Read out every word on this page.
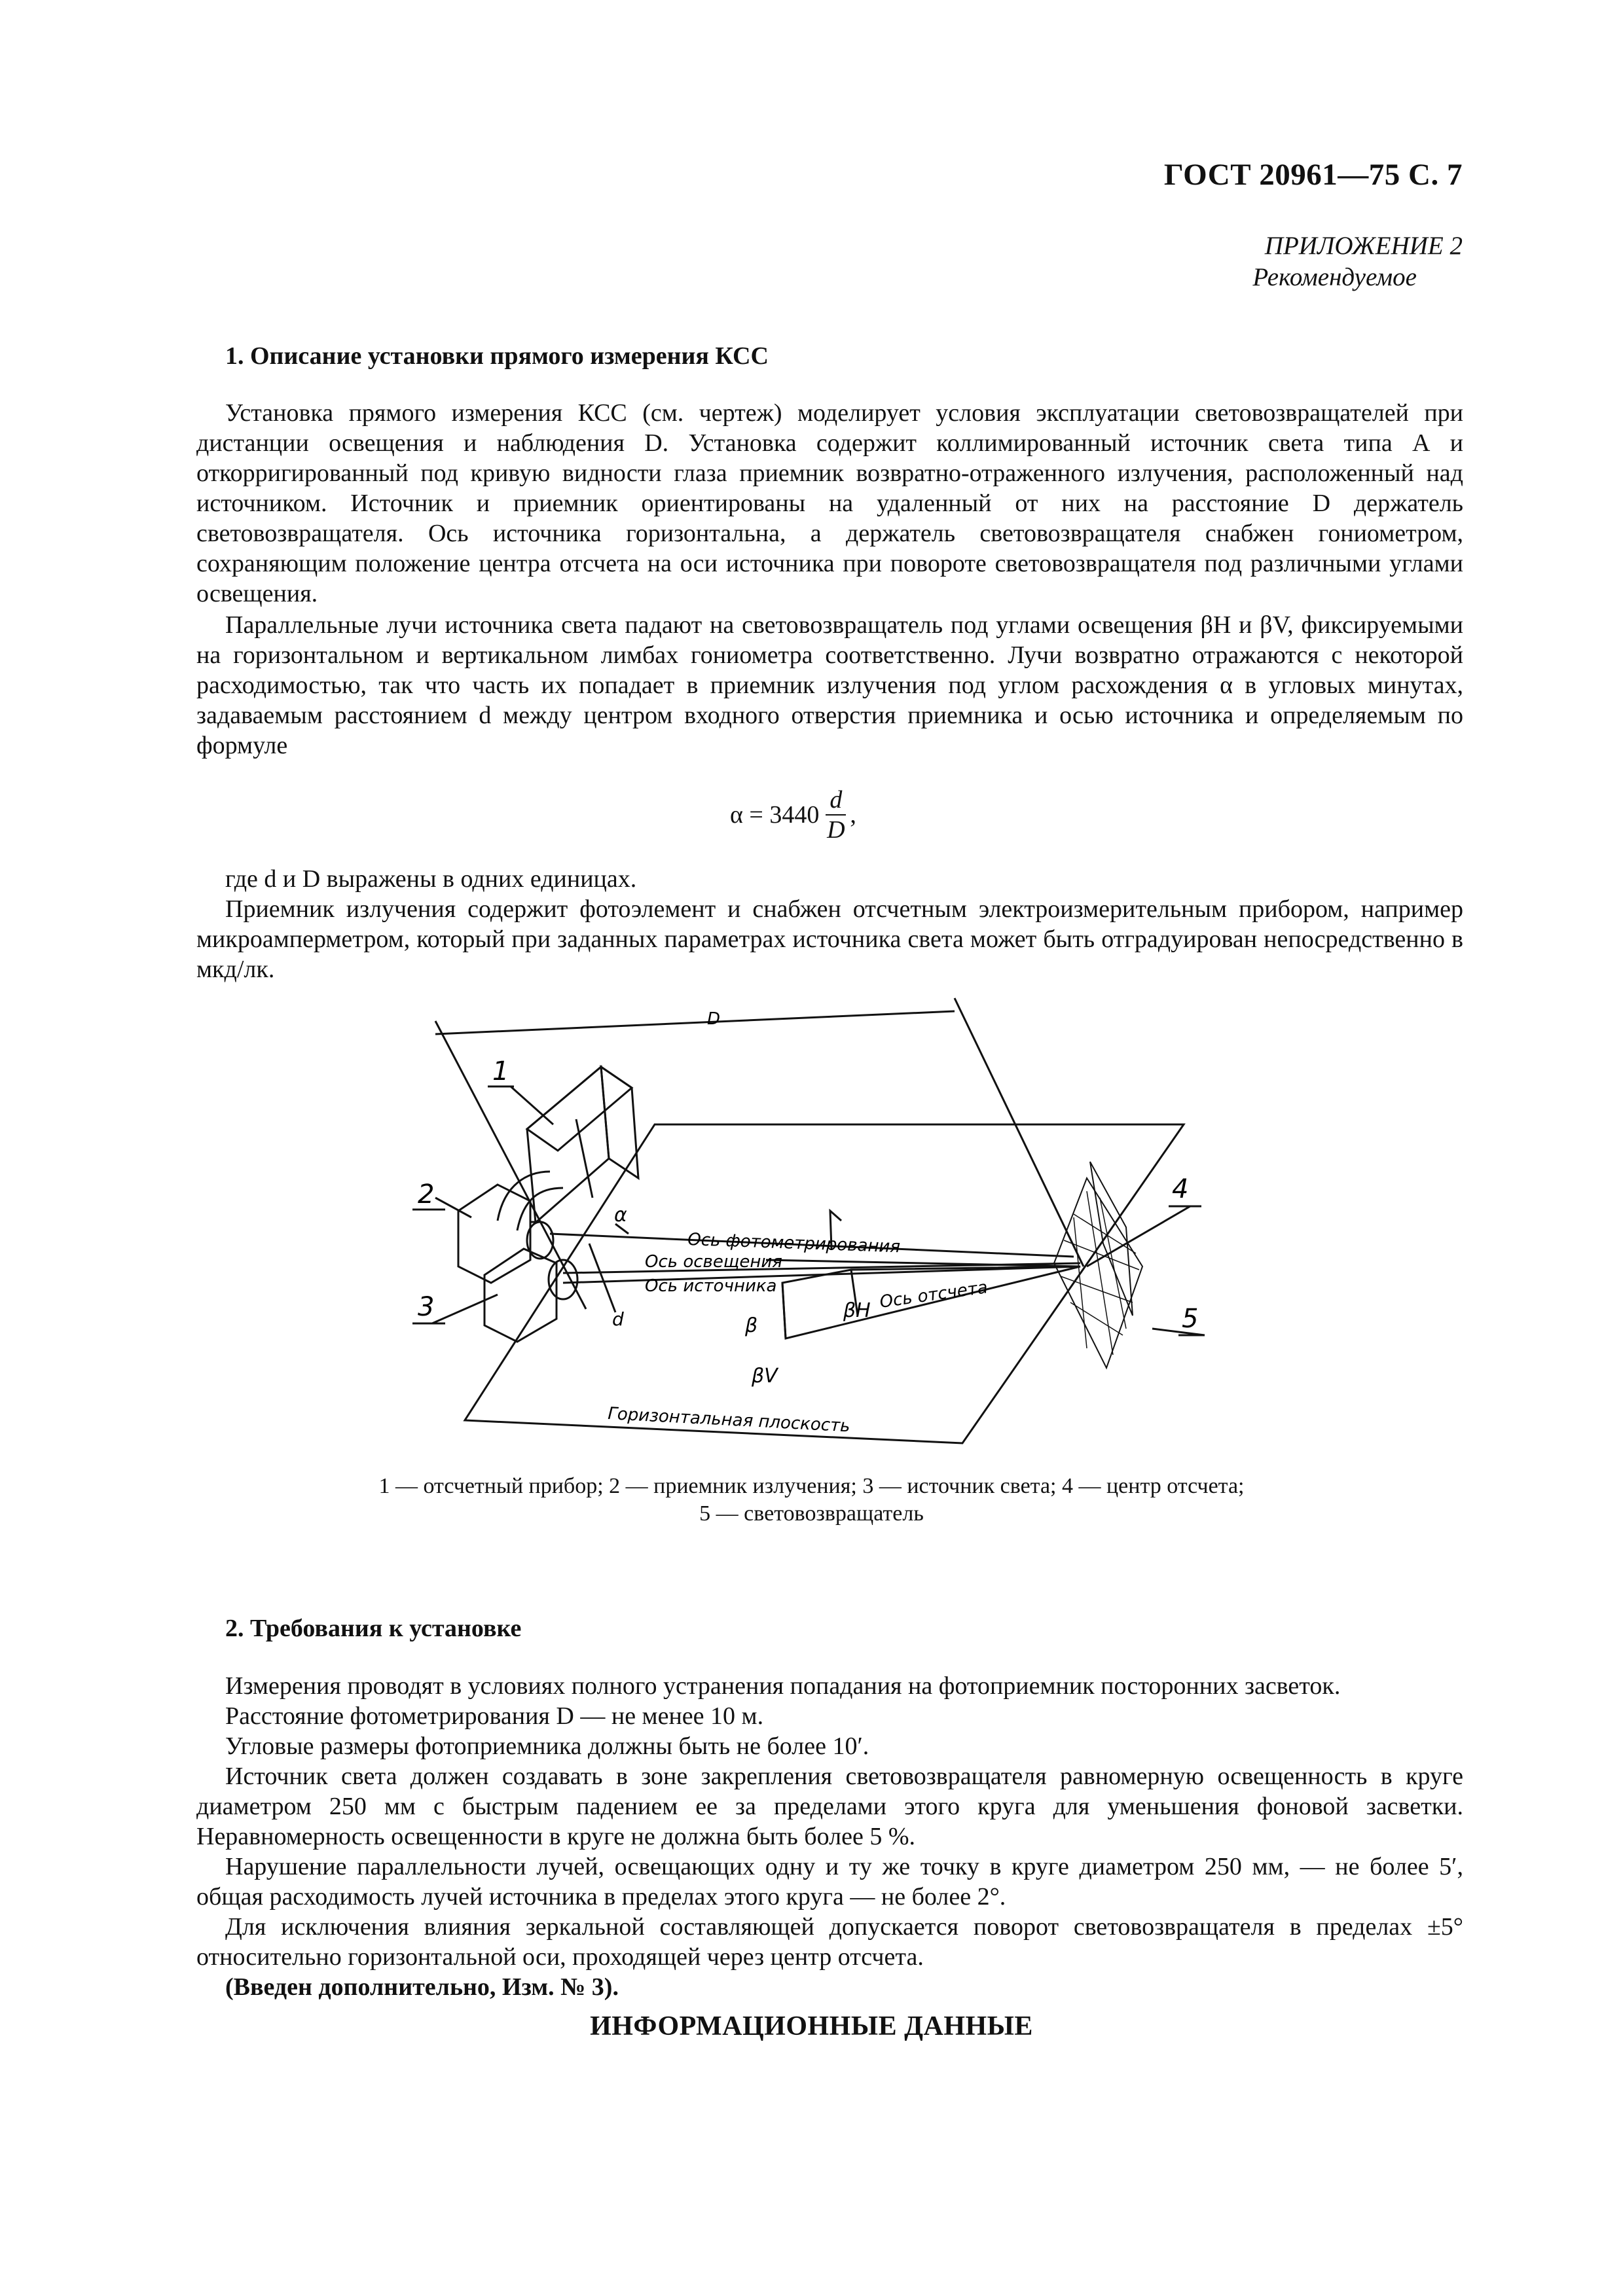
ГОСТ 20961—75 С. 7
ПРИЛОЖЕНИЕ 2

Рекомендуемое
1. Описание установки прямого измерения КСС

Установка прямого измерения КСС (см. чертеж) моделирует условия эксплуатации световозвращателей при дистанции освещения и наблюдения D. Установка содержит коллимированный источник света типа А и откорригированный под кривую видности глаза приемник возвратно-отраженного излучения, расположенный над источником. Источник и приемник ориентированы на удаленный от них на расстояние D держатель световозвращателя. Ось источника горизонтальна, а держатель световозвращателя снабжен гониометром, сохраняющим положение центра отсчета на оси источника при повороте световозвращателя под различными углами освещения.

Параллельные лучи источника света падают на световозвращатель под углами освещения βH и βV, фиксируемыми на горизонтальном и вертикальном лимбах гониометра соответственно. Лучи возвратно отражаются с некоторой расходимостью, так что часть их попадает в приемник излучения под углом расхождения α в угловых минутах, задаваемым расстоянием d между центром входного отверстия приемника и осью источника и определяемым по формуле

$\alpha = 3440 \frac{d}{D}$ ,

где d и D выражены в одних единицах.

Приемник излучения содержит фотоэлемент и снабжен отсчетным электроизмерительным прибором, например микроамперметром, который при заданных параметрах источника света может быть отградуирован непосредственно в мкд/лк.

D
1
2
3
4
5
α
d	β
βH
βV
Ось фотометрирования
Ось освещения
Ось источника	Ось отсчета
Горизонтальная плоскость
1 — отсчетный прибор; 2 — приемник излучения; 3 — источник света; 4 — центр отсчета;
5 — световозвращатель
2. Требования к установке

Измерения проводят в условиях полного устранения попадания на фотоприемник посторонних засветок.

Расстояние фотометрирования D — не менее 10 м.

Угловые размеры фотоприемника должны быть не более 10′.

Источник света должен создавать в зоне закрепления световозвращателя равномерную освещенность в круге диаметром 250 мм с быстрым падением ее за пределами этого круга для уменьшения фоновой засветки. Неравномерность освещенности в круге не должна быть более 5 %.

Нарушение параллельности лучей, освещающих одну и ту же точку в круге диаметром 250 мм, — не более 5′, общая расходимость лучей источника в пределах этого круга — не более 2°.

Для исключения влияния зеркальной составляющей допускается поворот световозвращателя в пределах ±5° относительно горизонтальной оси, проходящей через центр отсчета.

(Введен дополнительно, Изм. № 3).

ИНФОРМАЦИОННЫЕ ДАННЫЕ
